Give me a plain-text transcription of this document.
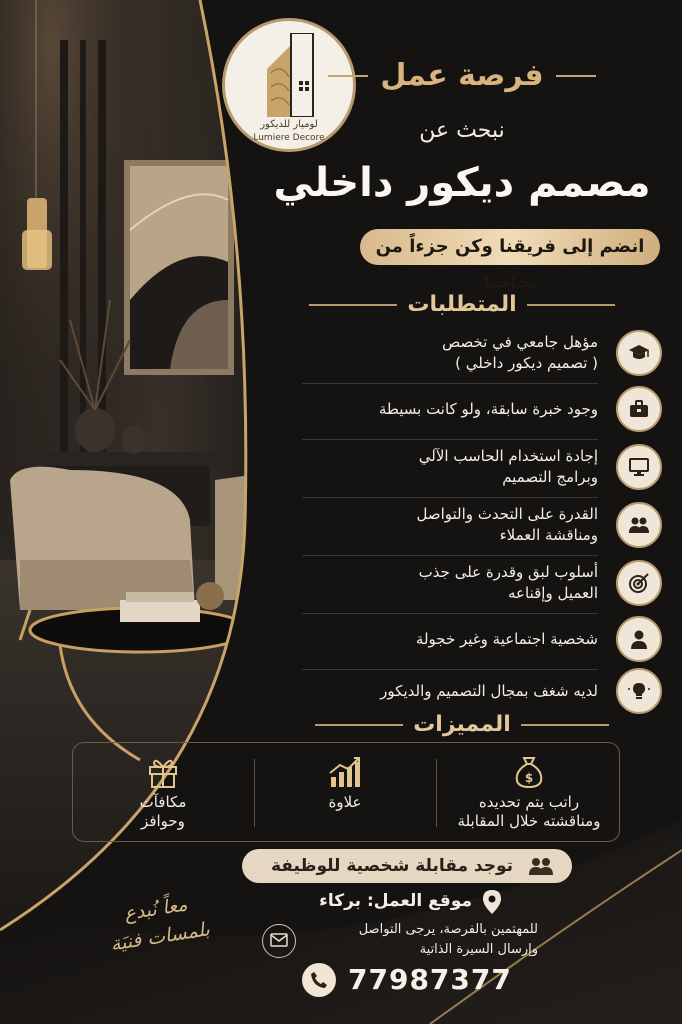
لوميار للديكور
Lumiere Decore
فرصة عمل
نبحث عن
مصمم ديكور داخلي
انضم إلى فريقنا وكن جزءاً من نجاحنا
المتطلبات
مؤهل جامعي في تخصص
( تصميم ديكور داخلي )
وجود خبرة سابقة، ولو كانت بسيطة
إجادة استخدام الحاسب الآلي
وبرامج التصميم
القدرة على التحدث والتواصل
ومناقشة العملاء
أسلوب لبق وقدرة على جذب
العميل وإقناعه
شخصية اجتماعية وغير خجولة
لديه شغف بمجال التصميم والديكور
المميزات
$
راتب يتم تحديده
ومناقشته خلال المقابلة
علاوة
مكافآت
وحوافز
توجد مقابلة شخصية للوظيفة
موقع العمل: بركاء
للمهتمين بالفرصة، يرجى التواصل
وإرسال السيرة الذاتية
77987377
معاً نُبدع
بلمسات فنيَة
